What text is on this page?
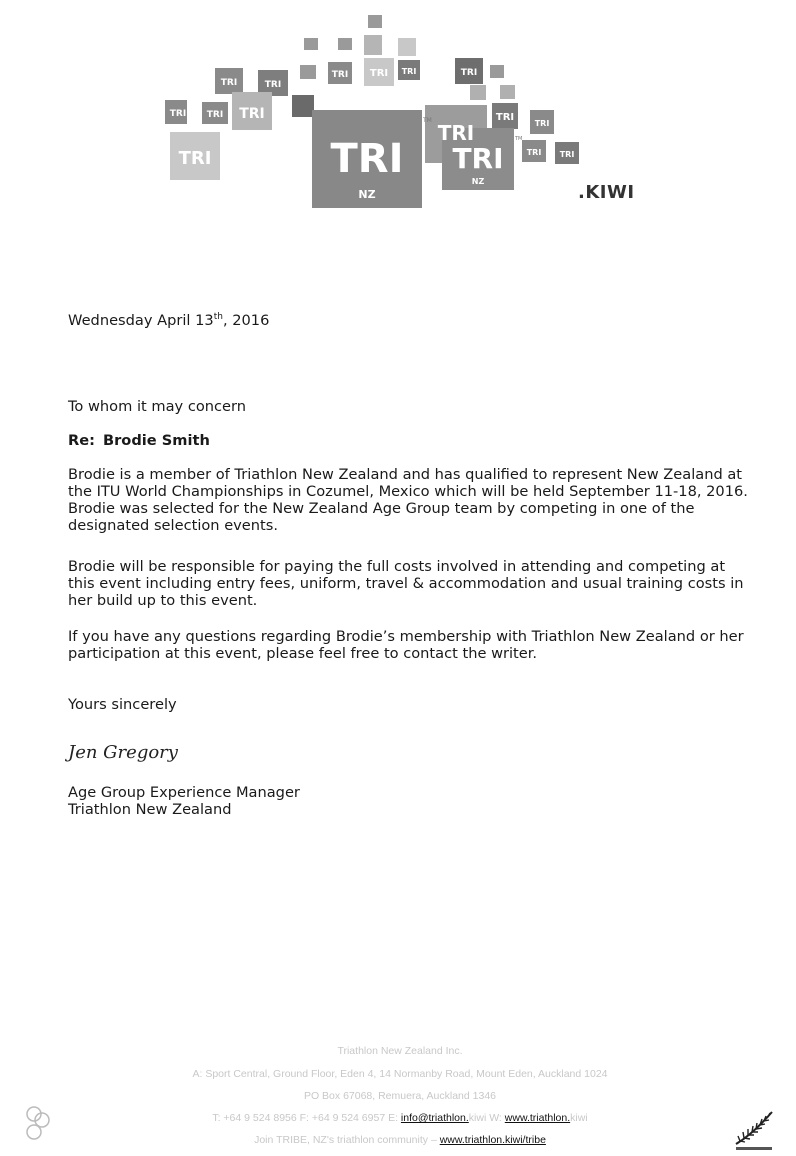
TRI
NZ
TRI
NZ
TRI
TRI
TRI
TRI TRI
TRI	TRI
TRI TRI TRI	TRI
TRI
TRI
TRI TRI
TM
TM
.KIWI
Wednesday April 13th, 2016
To whom it may concern
Re: Brodie Smith
Brodie is a member of Triathlon New Zealand and has qualified to represent New Zealand at the ITU World Championships in Cozumel, Mexico which will be held September 11-18, 2016. Brodie was selected for the New Zealand Age Group team by competing in one of the designated selection events.
Brodie will be responsible for paying the full costs involved in attending and competing at this event including entry fees, uniform, travel & accommodation and usual training costs in her build up to this event.
If you have any questions regarding Brodie’s membership with Triathlon New Zealand or her participation at this event, please feel free to contact the writer.
Yours sincerely
Jen Gregory
Age Group Experience Manager
Triathlon New Zealand
Triathlon New Zealand Inc.
A: Sport Central, Ground Floor, Eden 4, 14 Normanby Road, Mount Eden, Auckland 1024
PO Box 67068, Remuera, Auckland 1346
T: +64 9 524 8956 F: +64 9 524 6957 E: info@triathlon.kiwi W: www.triathlon.kiwi
Join TRIBE, NZ's triathlon community – www.triathlon.kiwi/tribe
